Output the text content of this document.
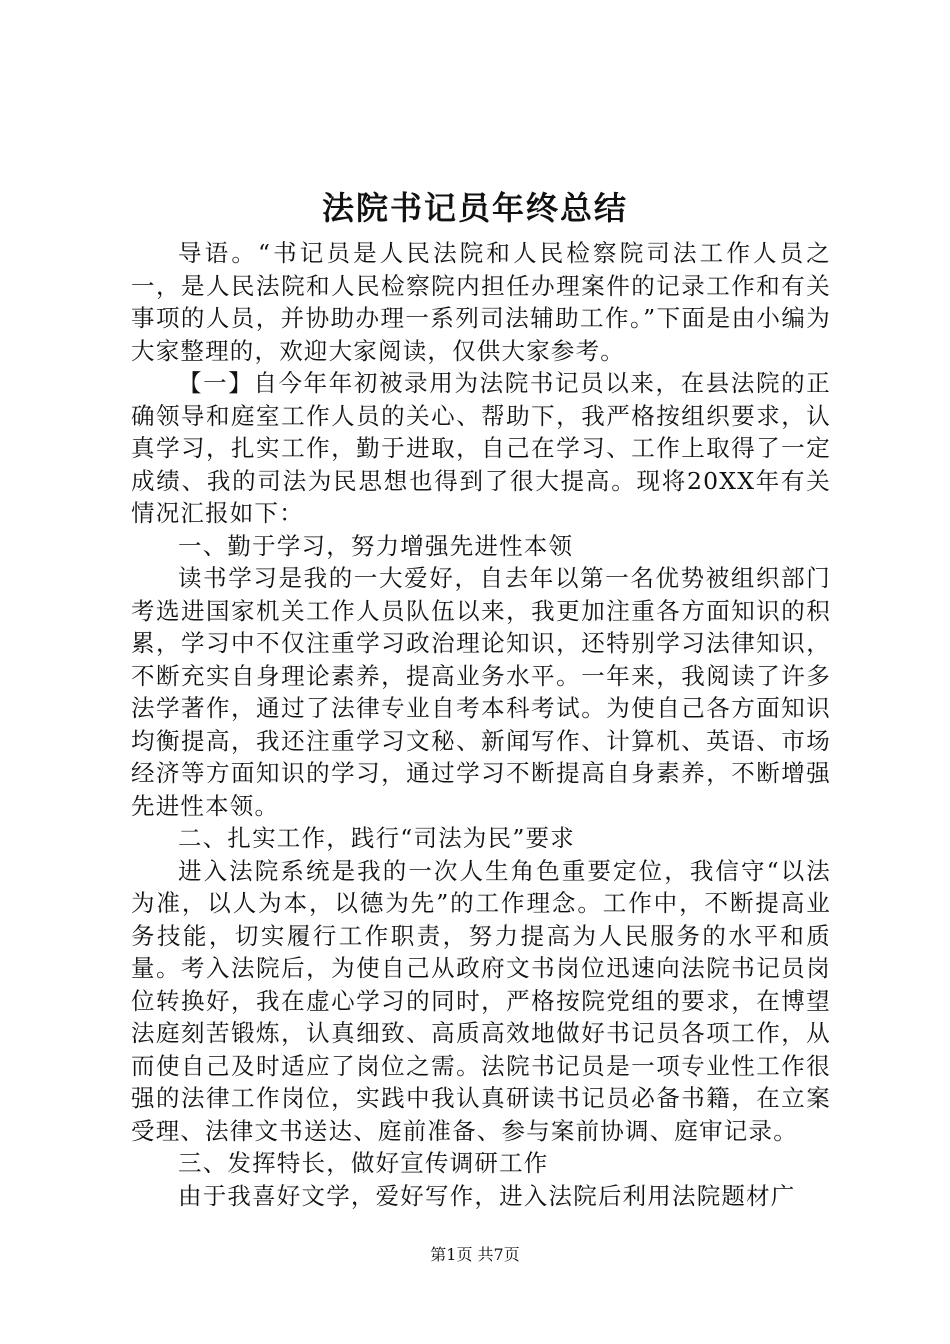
法院书记员年终总结

导语。“书记员是人民法院和人民检察院司法工作人员之一，是人民法院和人民检察院内担任办理案件的记录工作和有关事项的人员，并协助办理一系列司法辅助工作。”下面是由小编为大家整理的，欢迎大家阅读，仅供大家参考。

【一】自今年年初被录用为法院书记员以来，在县法院的正确领导和庭室工作人员的关心、帮助下，我严格按组织要求，认真学习，扎实工作，勤于进取，自己在学习、工作上取得了一定成绩、我的司法为民思想也得到了很大提高。现将20XX年有关情况汇报如下：

一、勤于学习，努力增强先进性本领

读书学习是我的一大爱好，自去年以第一名优势被组织部门考选进国家机关工作人员队伍以来，我更加注重各方面知识的积累，学习中不仅注重学习政治理论知识，还特别学习法律知识，不断充实自身理论素养，提高业务水平。一年来，我阅读了许多法学著作，通过了法律专业自考本科考试。为使自己各方面知识均衡提高，我还注重学习文秘、新闻写作、计算机、英语、市场经济等方面知识的学习，通过学习不断提高自身素养，不断增强先进性本领。

二、扎实工作，践行“司法为民”要求

进入法院系统是我的一次人生角色重要定位，我信守“以法为准，以人为本，以德为先”的工作理念。工作中，不断提高业务技能，切实履行工作职责，努力提高为人民服务的水平和质量。考入法院后，为使自己从政府文书岗位迅速向法院书记员岗位转换好，我在虚心学习的同时，严格按院党组的要求，在博望法庭刻苦锻炼，认真细致、高质高效地做好书记员各项工作，从而使自己及时适应了岗位之需。法院书记员是一项专业性工作很强的法律工作岗位，实践中我认真研读书记员必备书籍，在立案受理、法律文书送达、庭前准备、参与案前协调、庭审记录。

三、发挥特长，做好宣传调研工作

由于我喜好文学，爱好写作，进入法院后利用法院题材广

第1页 共7页
